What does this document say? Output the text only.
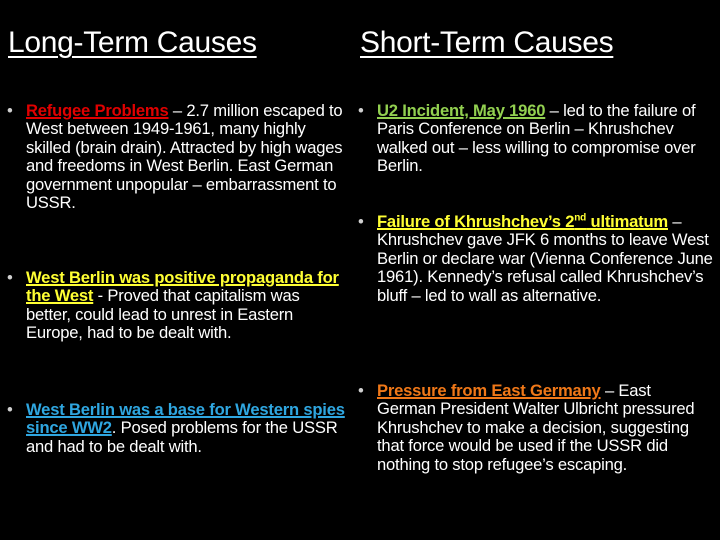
Long-Term Causes	Short-Term Causes
• Refugee Problems – 2.7 million escaped to West between 1949-1961, many highly skilled (brain drain). Attracted by high wages and freedoms in West Berlin. East German government unpopular – embarrassment to USSR.
• West Berlin was positive propaganda for the West - Proved that capitalism was better, could lead to unrest in Eastern Europe, had to be dealt with.
• West Berlin was a base for Western spies since WW2. Posed problems for the USSR and had to be dealt with.
• U2 Incident, May 1960 – led to the failure of Paris Conference on Berlin – Khrushchev walked out – less willing to compromise over Berlin.
• Failure of Khrushchev’s 2nd ultimatum – Khrushchev gave JFK 6 months to leave West Berlin or declare war (Vienna Conference June 1961). Kennedy’s refusal called Khrushchev’s bluff – led to wall as alternative.
• Pressure from East Germany – East German President Walter Ulbricht pressured Khrushchev to make a decision, suggesting that force would be used if the USSR did nothing to stop refugee’s escaping.
